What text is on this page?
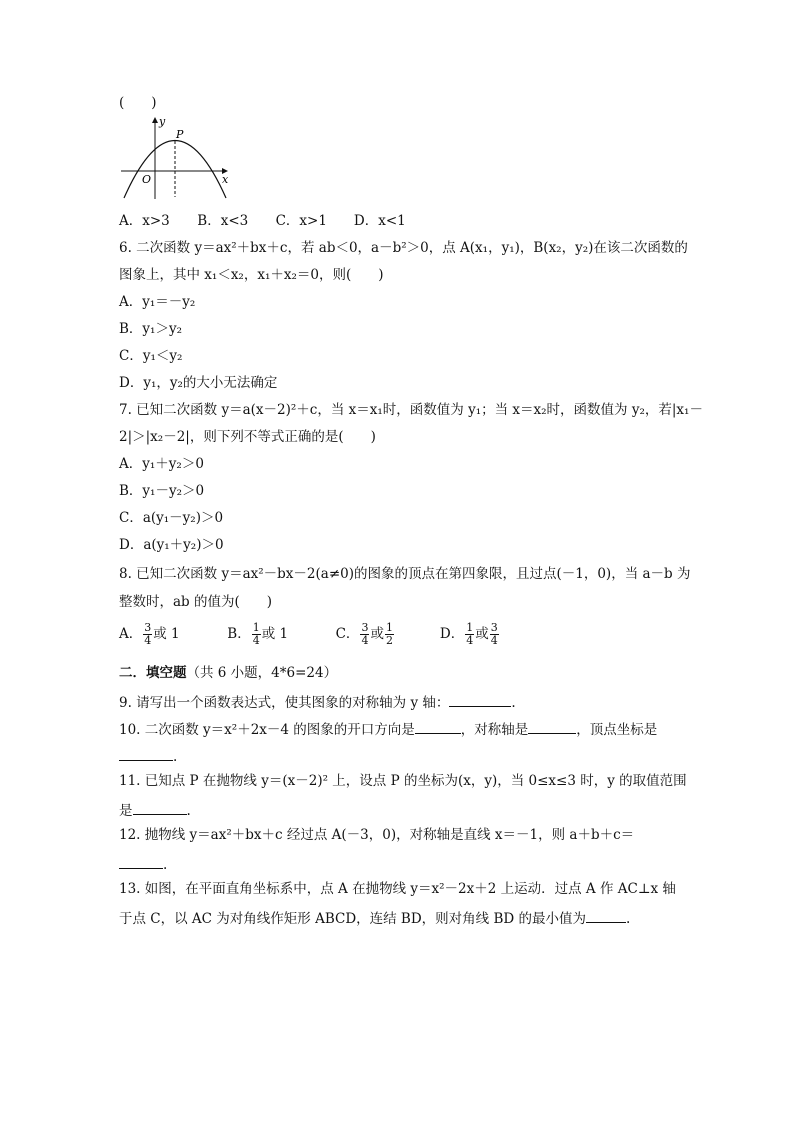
(　　)
y
x
O
P
A．x>3 B．x<3 C．x>1 D．x<1
6. 二次函数 y＝ax²＋bx＋c，若 ab＜0，a－b²＞0，点 A(x₁，y₁)，B(x₂，y₂)在该二次函数的
图象上，其中 x₁＜x₂，x₁＋x₂＝0，则(　　)
A．y₁＝－y₂
B．y₁＞y₂
C．y₁＜y₂
D．y₁，y₂的大小无法确定
7. 已知二次函数 y＝a(x－2)²＋c，当 x＝x₁时，函数值为 y₁；当 x＝x₂时，函数值为 y₂，若|x₁－
2|＞|x₂－2|，则下列不等式正确的是(　　)
A．y₁＋y₂＞0
B．y₁－y₂＞0
C．a(y₁－y₂)＞0
D．a(y₁＋y₂)＞0
8. 已知二次函数 y＝ax²－bx－2(a≠0)的图象的顶点在第四象限，且过点(－1，0)，当 a－b 为
整数时，ab 的值为(　　)
A． $\frac{3}{4}$ 或 1	B． $\frac{1}{4}$ 或 1	C． $\frac{3}{4}$ 或 $\frac{1}{2}$	D． $\frac{1}{4}$ 或 $\frac{3}{4}$
二．填空题（共 6 小题，4*6=24）
9. 请写出一个函数表达式，使其图象的对称轴为 y 轴：	.
10. 二次函数 y＝x²＋2x－4 的图象的开口方向是	，对称轴是	，顶点坐标是
.
11. 已知点 P 在抛物线 y＝(x－2)² 上，设点 P 的坐标为(x，y)，当 0≤x≤3 时，y 的取值范围
是	.
12. 抛物线 y＝ax²＋bx＋c 经过点 A(－3，0)，对称轴是直线 x＝－1，则 a＋b＋c＝
.
13. 如图，在平面直角坐标系中，点 A 在抛物线 y＝x²－2x＋2 上运动．过点 A 作 AC⊥x 轴
于点 C，以 AC 为对角线作矩形 ABCD，连结 BD，则对角线 BD 的最小值为	.
